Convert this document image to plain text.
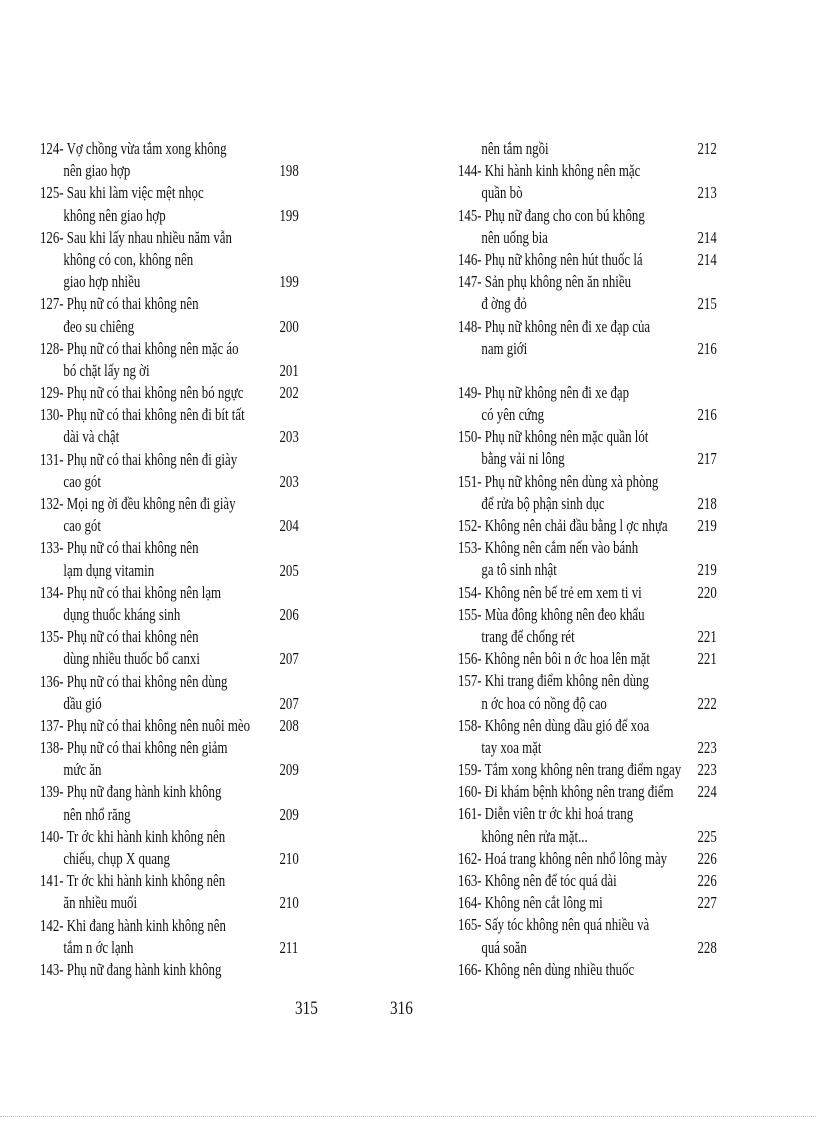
124- Vợ chồng vừa tắm xong không
nên giao hợp	198
125- Sau khi làm việc mệt nhọc
không nên giao hợp	199
126- Sau khi lấy nhau nhiều năm vẫn
không có con, không nên
giao hợp nhiều	199
127- Phụ nữ có thai không nên
đeo su chiêng	200
128- Phụ nữ có thai không nên mặc áo
bó chặt lấy ng ời	201
129- Phụ nữ có thai không nên bó ngực	202
130- Phụ nữ có thai không nên đi bít tất
dài và chật	203
131- Phụ nữ có thai không nên đi giày
cao gót	203
132- Mọi ng ời đều không nên đi giày
cao gót	204
133- Phụ nữ có thai không nên
lạm dụng vitamin	205
134- Phụ nữ có thai không nên lạm
dụng thuốc kháng sinh	206
135- Phụ nữ có thai không nên
dùng nhiều thuốc bổ canxi	207
136- Phụ nữ có thai không nên dùng
dầu gió	207
137- Phụ nữ có thai không nên nuôi mèo	208
138- Phụ nữ có thai không nên giảm
mức ăn	209
139- Phụ nữ đang hành kinh không
nên nhổ răng	209
140- Tr ớc khi hành kinh không nên
chiếu, chụp X quang	210
141- Tr ớc khi hành kinh không nên
ăn nhiều muối	210
142- Khi đang hành kinh không nên
tắm n ớc lạnh	211
143- Phụ nữ đang hành kinh không
nên tắm ngồi	212
144- Khi hành kinh không nên mặc
quần bò	213
145- Phụ nữ đang cho con bú không
nên uống bia	214
146- Phụ nữ không nên hút thuốc lá	214
147- Sản phụ không nên ăn nhiều
đ ờng đỏ	215
148- Phụ nữ không nên đi xe đạp của
nam giới	216
149- Phụ nữ không nên đi xe đạp
có yên cứng	216
150- Phụ nữ không nên mặc quần lót
bằng vải ni lông	217
151- Phụ nữ không nên dùng xà phòng
để rửa bộ phận sinh dục	218
152- Không nên chải đầu bằng l ợc nhựa	219
153- Không nên cắm nến vào bánh
ga tô sinh nhật	219
154- Không nên bế trẻ em xem ti vi	220
155- Mùa đông không nên đeo khẩu
trang để chống rét	221
156- Không nên bôi n ớc hoa lên mặt	221
157- Khi trang điểm không nên dùng
n ớc hoa có nồng độ cao	222
158- Không nên dùng dầu gió để xoa
tay xoa mặt	223
159- Tắm xong không nên trang điểm ngay 223
160- Đi khám bệnh không nên trang điểm	224
161- Diễn viên tr ớc khi hoá trang
không nên rửa mặt...	225
162- Hoá trang không nên nhổ lông mày	226
163- Không nên để tóc quá dài	226
164- Không nên cắt lông mi	227
165- Sấy tóc không nên quá nhiều và
quá soăn	228
166- Không nên dùng nhiều thuốc
315	316
